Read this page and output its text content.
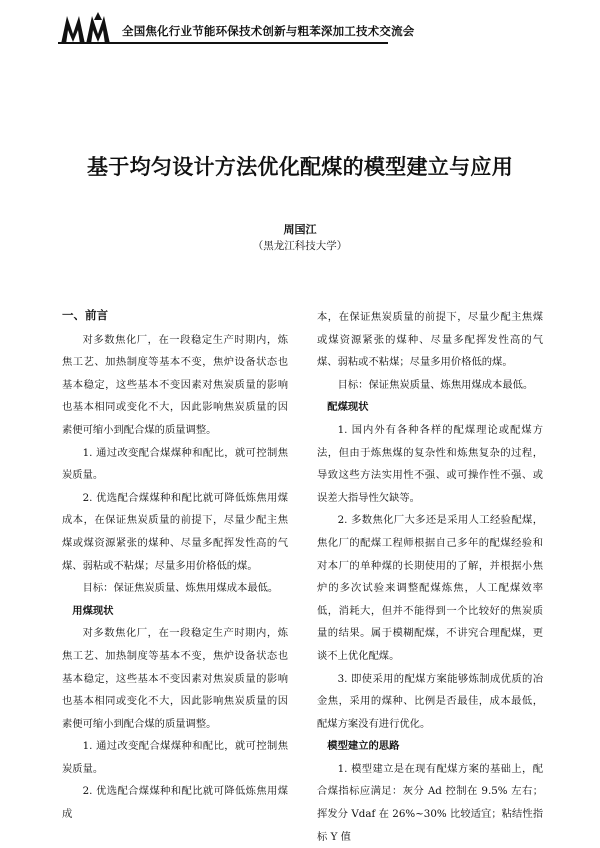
全国焦化行业节能环保技术创新与粗苯深加工技术交流会
基于均匀设计方法优化配煤的模型建立与应用
周国江
（黑龙江科技大学）

一、前言

对多数焦化厂，在一段稳定生产时期内，炼焦工艺、加热制度等基本不变，焦炉设备状态也基本稳定，这些基本不变因素对焦炭质量的影响也基本相同或变化不大，因此影响焦炭质量的因素便可缩小到配合煤的质量调整。

1. 通过改变配合煤煤种和配比，就可控制焦炭质量。

2. 优选配合煤煤种和配比就可降低炼焦用煤成本，在保证焦炭质量的前提下，尽量少配主焦煤或煤资源紧张的煤种、尽量多配挥发性高的气煤、弱粘或不粘煤；尽量多用价格低的煤。

目标：保证焦炭质量、炼焦用煤成本最低。

用煤现状

对多数焦化厂，在一段稳定生产时期内，炼焦工艺、加热制度等基本不变，焦炉设备状态也基本稳定，这些基本不变因素对焦炭质量的影响也基本相同或变化不大，因此影响焦炭质量的因素便可缩小到配合煤的质量调整。

1. 通过改变配合煤煤种和配比，就可控制焦炭质量。

2. 优选配合煤煤种和配比就可降低炼焦用煤成

本，在保证焦炭质量的前提下，尽量少配主焦煤或煤资源紧张的煤种、尽量多配挥发性高的气煤、弱粘或不粘煤；尽量多用价格低的煤。

目标：保证焦炭质量、炼焦用煤成本最低。

配煤现状

1. 国内外有各种各样的配煤理论或配煤方法，但由于炼焦煤的复杂性和炼焦复杂的过程，导致这些方法实用性不强、或可操作性不强、或误差大指导性欠缺等。

2. 多数焦化厂大多还是采用人工经验配煤，焦化厂的配煤工程师根据自己多年的配煤经验和对本厂的单种煤的长期使用的了解，并根据小焦炉的多次试验来调整配煤炼焦，人工配煤效率低，消耗大，但并不能得到一个比较好的焦炭质量的结果。属于模糊配煤，不讲究合理配煤，更谈不上优化配煤。

3. 即使采用的配煤方案能够炼制成优质的冶金焦，采用的煤种、比例是否最佳，成本最低，配煤方案没有进行优化。

模型建立的思路

1. 模型建立是在现有配煤方案的基础上，配合煤指标应满足：灰分 Ad 控制在 9.5% 左右；挥发分 Vdaf 在 26%~30% 比较适宜；粘结性指标 Y 值
